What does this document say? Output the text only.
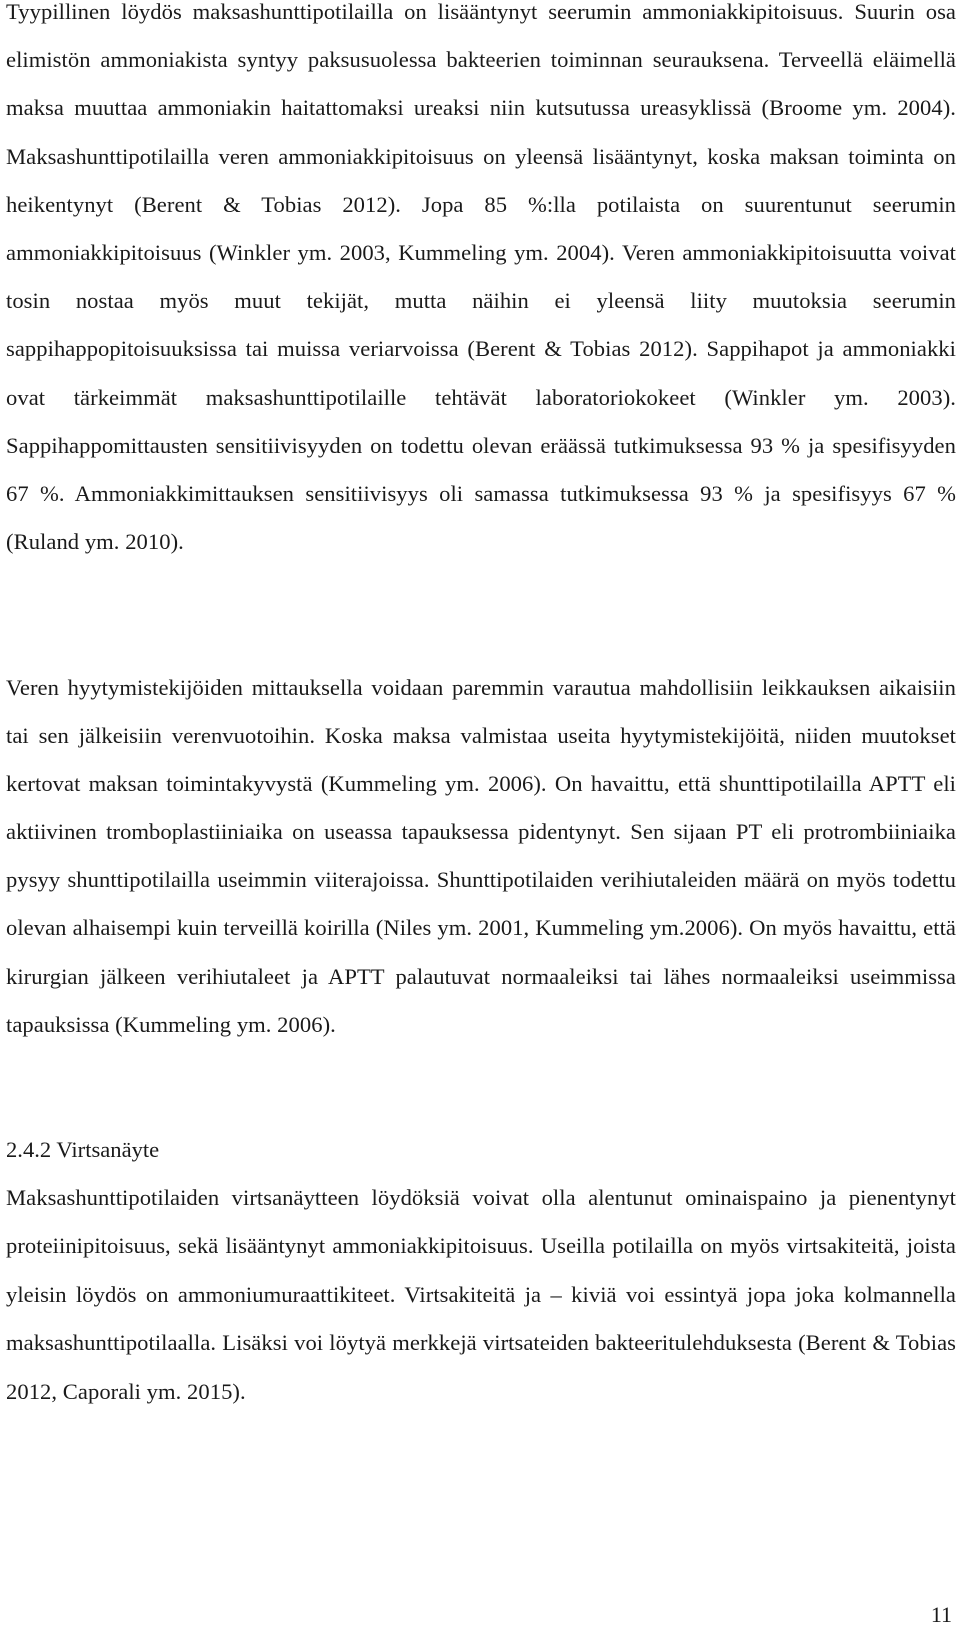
Tyypillinen löydös maksashunttipotilailla on lisääntynyt seerumin ammoniakkipitoisuus. Suurin osa elimistön ammoniakista syntyy paksusuolessa bakteerien toiminnan seurauksena. Terveellä eläimellä maksa muuttaa ammoniakin haitattomaksi ureaksi niin kutsutussa ureasyklissä (Broome ym. 2004). Maksashunttipotilailla veren ammoniakkipitoisuus on yleensä lisääntynyt, koska maksan toiminta on heikentynyt (Berent & Tobias 2012). Jopa 85 %:lla potilaista on suurentunut seerumin ammoniakkipitoisuus (Winkler ym. 2003, Kummeling ym. 2004). Veren ammoniakkipitoisuutta voivat tosin nostaa myös muut tekijät, mutta näihin ei yleensä liity muutoksia seerumin sappihappopitoisuuksissa tai muissa veriarvoissa (Berent & Tobias 2012). Sappihapot ja ammoniakki ovat tärkeimmät maksashunttipotilaille tehtävät laboratoriokokeet (Winkler ym. 2003). Sappihappomittausten sensitiivisyyden on todettu olevan eräässä tutkimuksessa 93 % ja spesifisyyden 67 %. Ammoniakkimittauksen sensitiivisyys oli samassa tutkimuksessa 93 % ja spesifisyys 67 % (Ruland ym. 2010).

Veren hyytymistekijöiden mittauksella voidaan paremmin varautua mahdollisiin leikkauksen aikaisiin tai sen jälkeisiin verenvuotoihin. Koska maksa valmistaa useita hyytymistekijöitä, niiden muutokset kertovat maksan toimintakyvystä (Kummeling ym. 2006). On havaittu, että shunttipotilailla APTT eli aktiivinen tromboplastiiniaika on useassa tapauksessa pidentynyt. Sen sijaan PT eli protrombiiniaika pysyy shunttipotilailla useimmin viiterajoissa. Shunttipotilaiden verihiutaleiden määrä on myös todettu olevan alhaisempi kuin terveillä koirilla (Niles ym. 2001, Kummeling ym.2006). On myös havaittu, että kirurgian jälkeen verihiutaleet ja APTT palautuvat normaaleiksi tai lähes normaaleiksi useimmissa tapauksissa (Kummeling ym. 2006).

2.4.2 Virtsanäyte

Maksashunttipotilaiden virtsanäytteen löydöksiä voivat olla alentunut ominaispaino ja pienentynyt proteiinipitoisuus, sekä lisääntynyt ammoniakkipitoisuus. Useilla potilailla on myös virtsakiteitä, joista yleisin löydös on ammoniumuraattikiteet. Virtsakiteitä ja – kiviä voi essintyä jopa joka kolmannella maksashunttipotilaalla. Lisäksi voi löytyä merkkejä virtsateiden bakteeritulehduksesta (Berent & Tobias 2012, Caporali ym. 2015).

11
